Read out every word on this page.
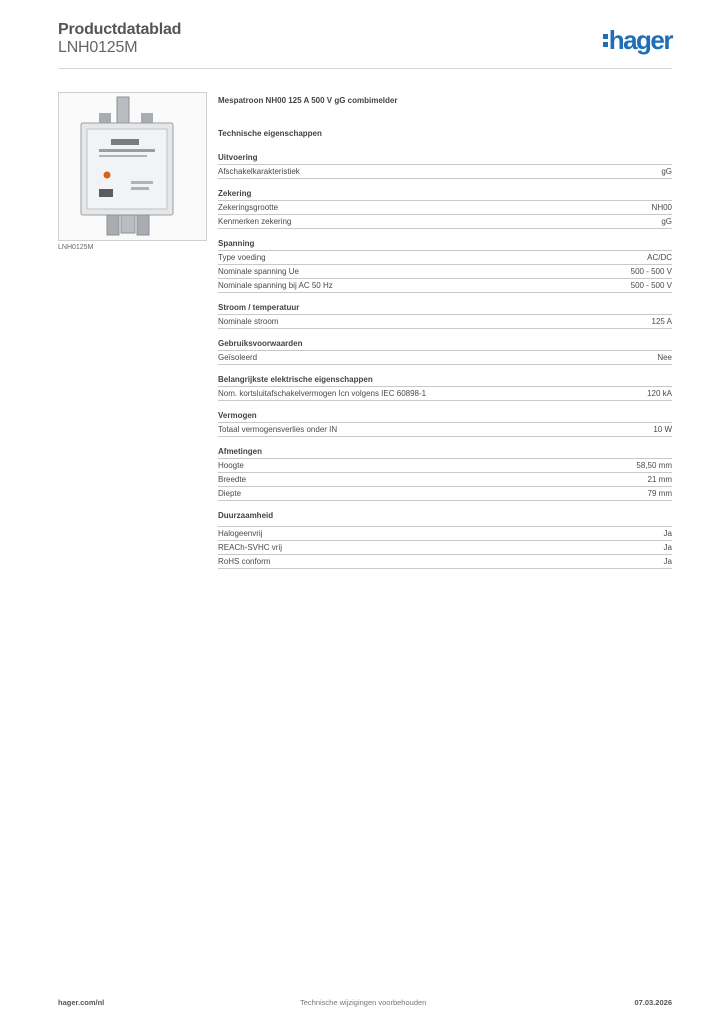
Productdatablad
LNH0125M	hager
LNH0125M
Mespatroon NH00 125 A 500 V gG combimelder
Technische eigenschappen
Uitvoering
Afschakelkarakteristiek	gG
Zekering
Zekeringsgrootte	NH00
Kenmerken zekering	gG
Spanning
Type voeding	AC/DC
Nominale spanning Ue	500 - 500 V
Nominale spanning bij AC 50 Hz	500 - 500 V
Stroom / temperatuur
Nominale stroom	125 A
Gebruiksvoorwaarden
Geïsoleerd	Nee
Belangrijkste elektrische eigenschappen
Nom. kortsluitafschakelvermogen Icn volgens IEC 60898-1	120 kA
Vermogen
Totaal vermogensverlies onder IN	10 W
Afmetingen
Hoogte	58,50 mm
Breedte	21 mm
Diepte	79 mm
Duurzaamheid
Halogeenvrij	Ja
REACh-SVHC vrij	Ja
RoHS conform	Ja
hager.com/nl	Technische wijzigingen voorbehouden	07.03.2026
